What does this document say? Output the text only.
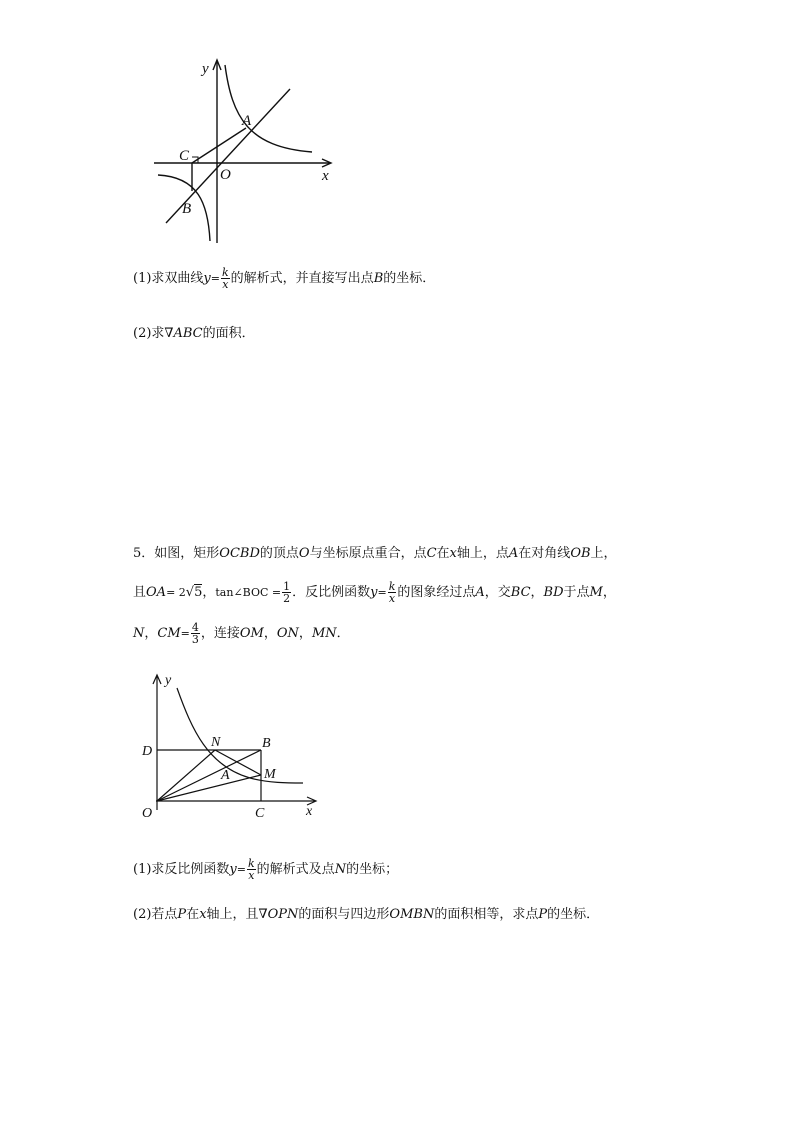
y
x
A
C
O
B
(1)求双曲线$y= \frac{k}{x}$ 的解析式，并直接写出点B的坐标．
(2)求∇ABC的面积．
5．如图，矩形OCBD的顶点O与坐标原点重合，点C在x轴上，点A在对角线OB上，
且OA= 2√5，tan∠BOC = $\frac{1}{2}$ ．反比例函数$y= \frac{k}{x}$ 的图象经过点A，交BC，BD于点M，
N，$CM= \frac{4}{3}$ ，连接OM，ON，MN．
y
x
D
N	B
A M
O	C
(1)求反比例函数$y= \frac{k}{x}$ 的解析式及点N的坐标；
(2)若点P在x轴上，且∇OPN的面积与四边形OMBN的面积相等，求点P的坐标．
